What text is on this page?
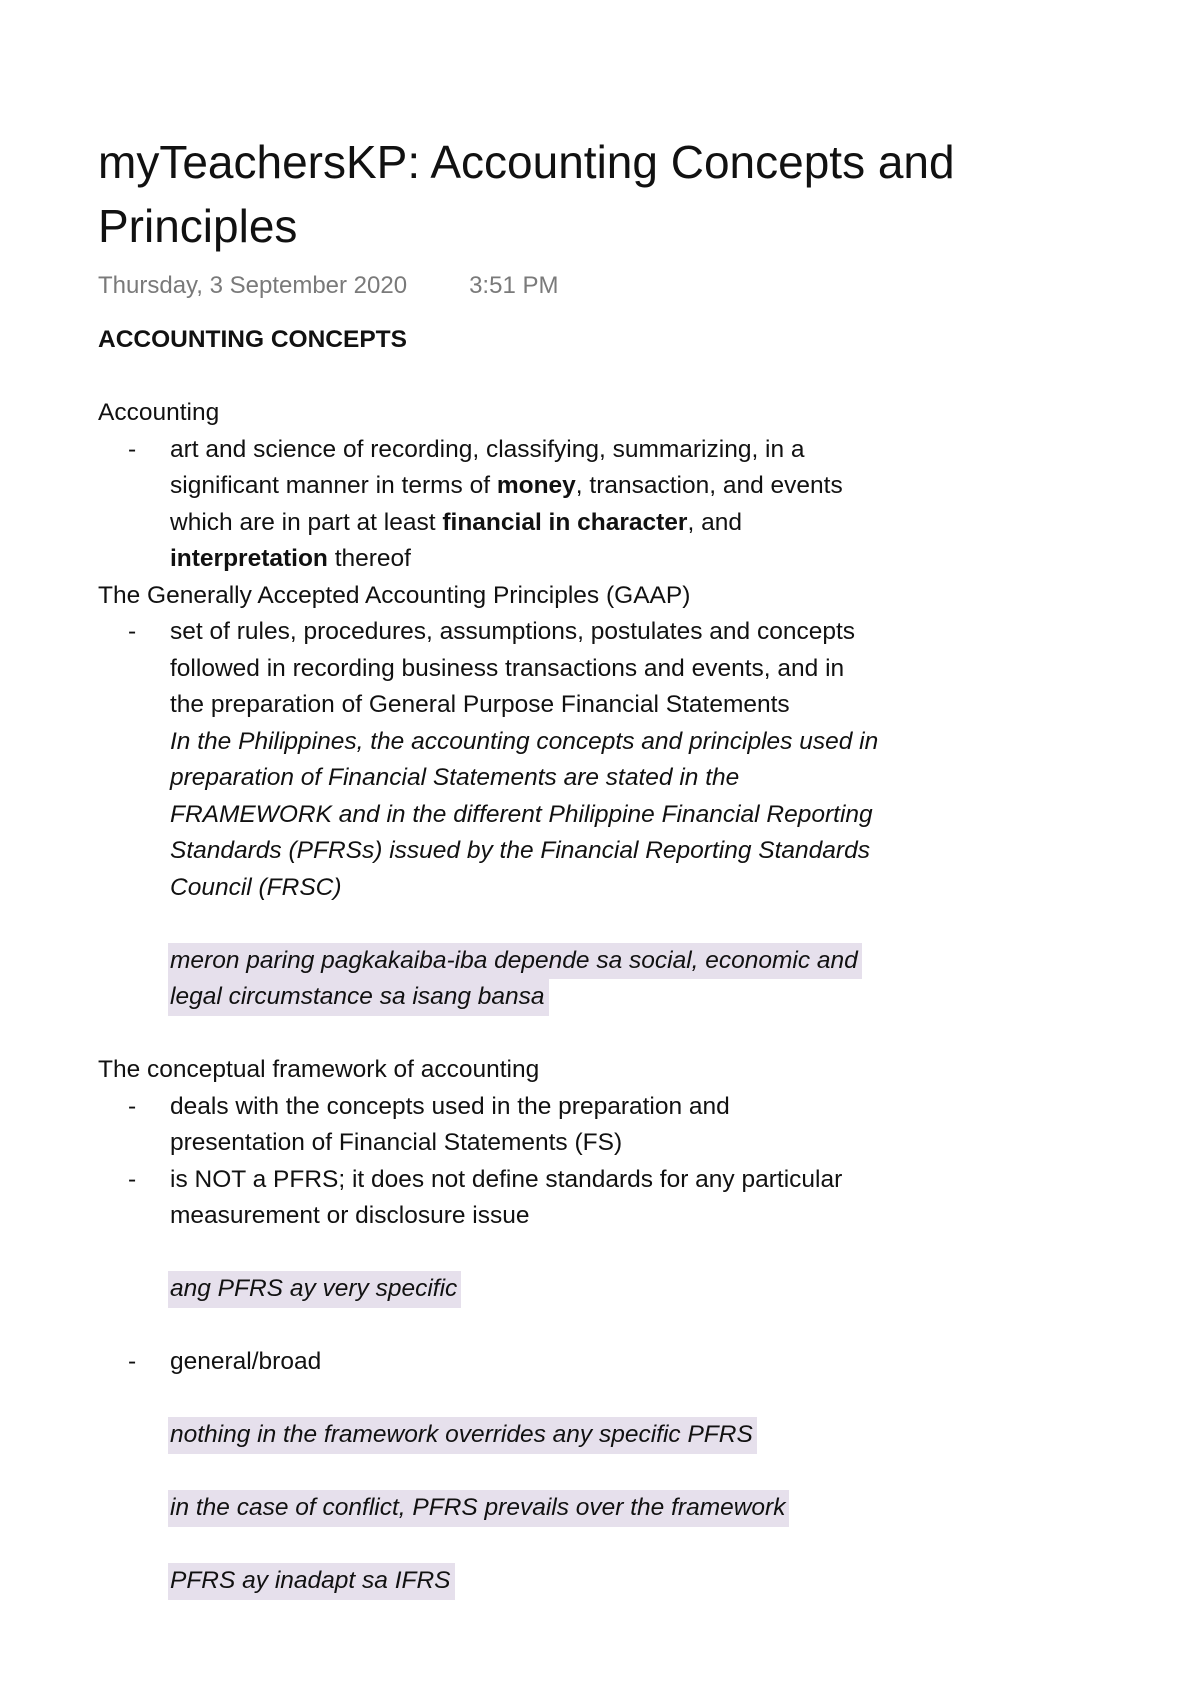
myTeachersKP: Accounting Concepts and Principles
Thursday, 3 September 2020	3:51 PM
ACCOUNTING CONCEPTS
Accounting
-	art and science of recording, classifying, summarizing, in a
significant manner in terms of money, transaction, and events
which are in part at least financial in character, and
interpretation thereof
The Generally Accepted Accounting Principles (GAAP)
-	set of rules, procedures, assumptions, postulates and concepts
followed in recording business transactions and events, and in
the preparation of General Purpose Financial Statements
In the Philippines, the accounting concepts and principles used in
preparation of Financial Statements are stated in the
FRAMEWORK and in the different Philippine Financial Reporting
Standards (PFRSs) issued by the Financial Reporting Standards
Council (FRSC)
meron paring pagkakaiba-iba depende sa social, economic and
legal circumstance sa isang bansa
The conceptual framework of accounting
-	deals with the concepts used in the preparation and
presentation of Financial Statements (FS)
-	is NOT a PFRS; it does not define standards for any particular
measurement or disclosure issue
ang PFRS ay very specific
-	general/broad
nothing in the framework overrides any specific PFRS
in the case of conflict, PFRS prevails over the framework
PFRS ay inadapt sa IFRS
